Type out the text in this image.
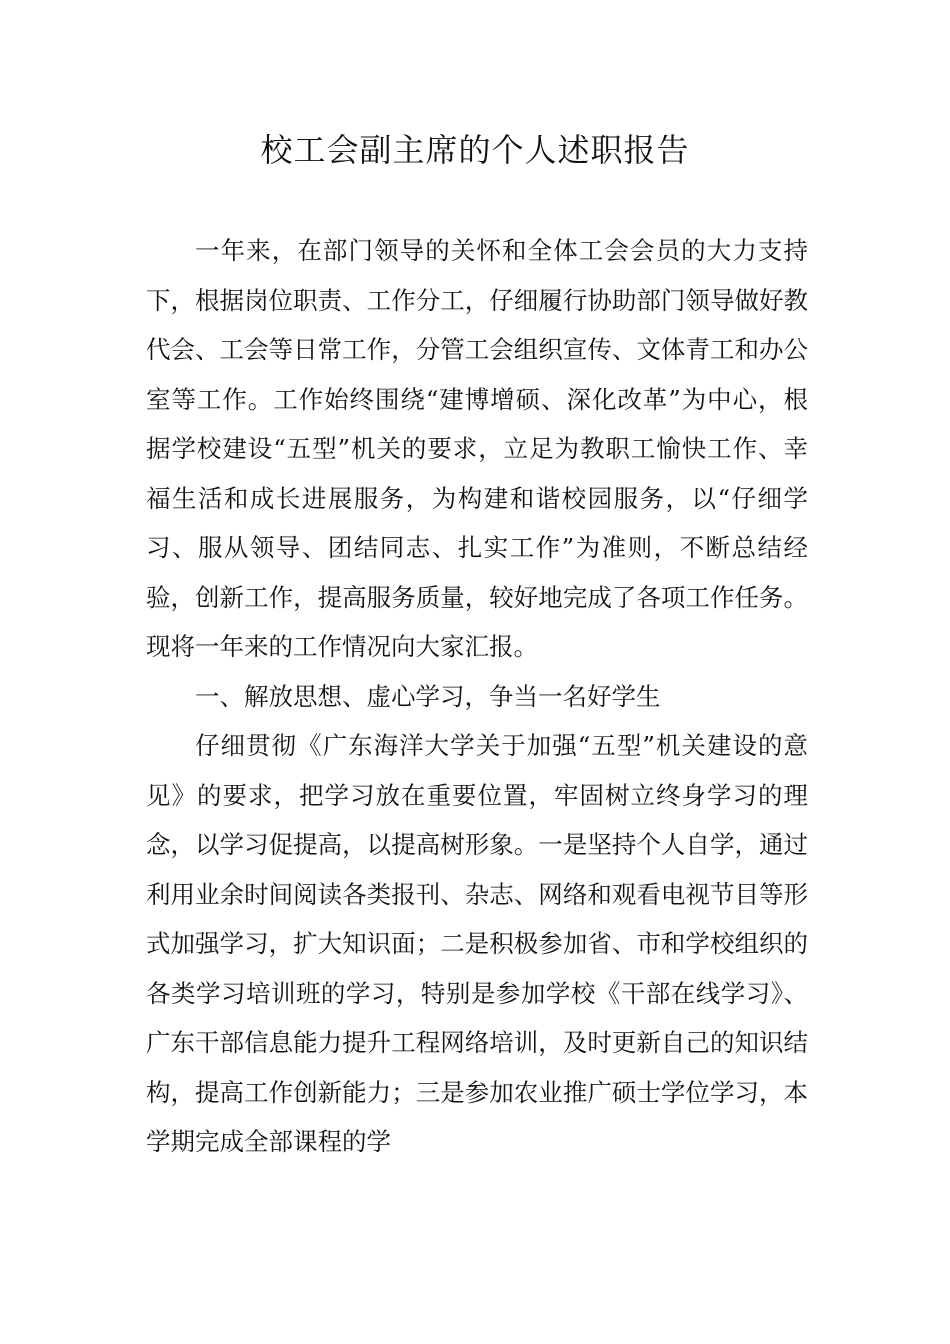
校工会副主席的个人述职报告

一年来，在部门领导的关怀和全体工会会员的大力支持下，根据岗位职责、工作分工，仔细履行协助部门领导做好教代会、工会等日常工作，分管工会组织宣传、文体青工和办公室等工作。工作始终围绕“建博增硕、深化改革”为中心，根据学校建设“五型”机关的要求，立足为教职工愉快工作、幸福生活和成长进展服务，为构建和谐校园服务，以“仔细学习、服从领导、团结同志、扎实工作”为准则，不断总结经验，创新工作，提高服务质量，较好地完成了各项工作任务。现将一年来的工作情况向大家汇报。

一、解放思想、虚心学习，争当一名好学生

仔细贯彻《广东海洋大学关于加强“五型”机关建设的意见》的要求，把学习放在重要位置，牢固树立终身学习的理念，以学习促提高，以提高树形象。一是坚持个人自学，通过利用业余时间阅读各类报刊、杂志、网络和观看电视节目等形式加强学习，扩大知识面；二是积极参加省、市和学校组织的各类学习培训班的学习，特别是参加学校《干部在线学习》、广东干部信息能力提升工程网络培训，及时更新自己的知识结构，提高工作创新能力；三是参加农业推广硕士学位学习，本学期完成全部课程的学
